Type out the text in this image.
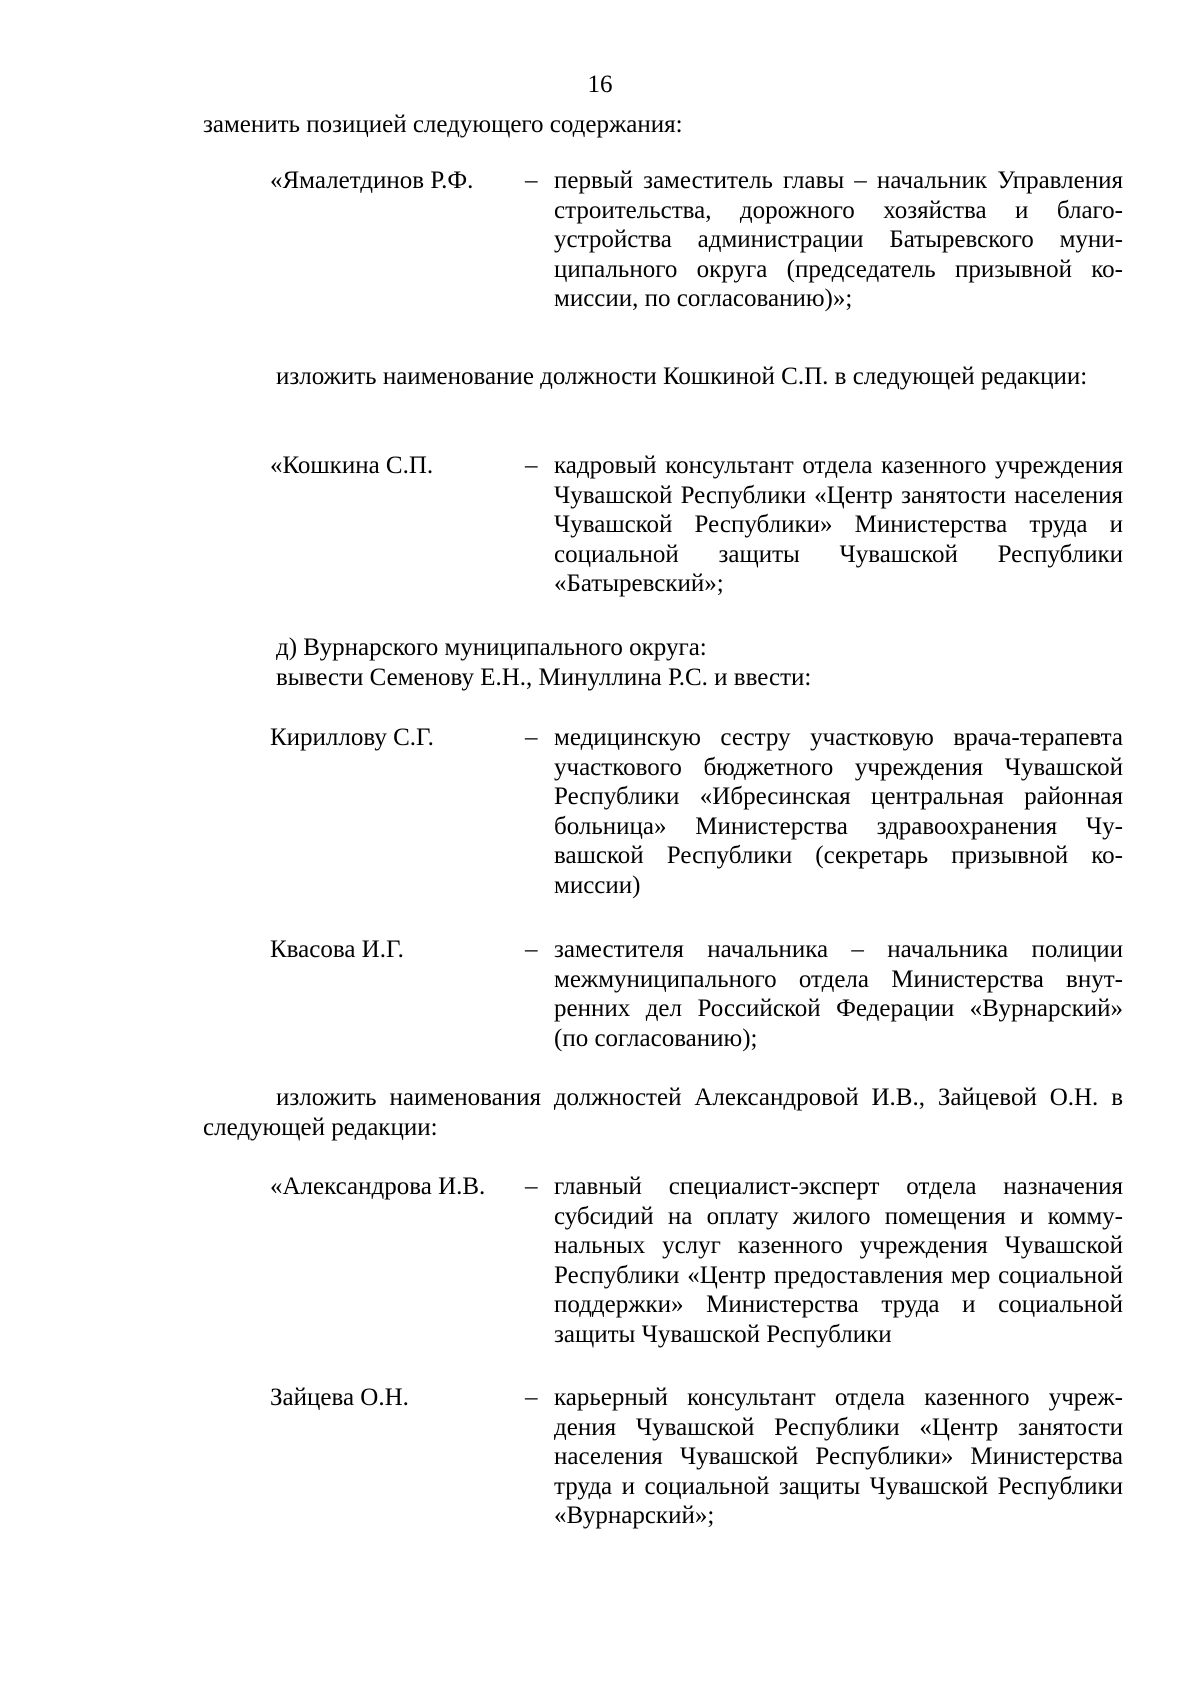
16

заменить позицией следующего содержания:

«Ямалетдинов Р.Ф. – первый заместитель главы – начальник Управления строительства, дорожного хозяйства и благоустройства администрации Батыревского муниципального округа (председатель призывной комиссии, по согласованию)»;

изложить наименование должности Кошкиной С.П. в следующей редакции:

«Кошкина С.П.	– кадровый консультант отдела казенного учреждения Чувашской Республики «Центр занятости населения Чувашской Республики» Министерства труда и социальной защиты Чувашской Республики «Батыревский»;

д) Вурнарского муниципального округа:

вывести Семенову Е.Н., Минуллина Р.С. и ввести:

Кириллову С.Г.	– медицинскую сестру участковую врача-терапевта участкового бюджетного учреждения Чувашской Республики «Ибресинская центральная районная больница» Министерства здравоохранения Чувашской Республики (секретарь призывной комиссии)

Квасова И.Г.	– заместителя начальника – начальника полиции межмуниципального отдела Министерства внутренних дел Российской Федерации «Вурнарский» (по согласованию);

изложить наименования должностей Александровой И.В., Зайцевой О.Н. в следующей редакции:

«Александрова И.В. – главный специалист-эксперт отдела назначения субсидий на оплату жилого помещения и коммунальных услуг казенного учреждения Чувашской Республики «Центр предоставления мер социальной поддержки» Министерства труда и социальной защиты Чувашской Республики

Зайцева О.Н.	– карьерный консультант отдела казенного учреждения Чувашской Республики «Центр занятости населения Чувашской Республики» Министерства труда и социальной защиты Чувашской Республики «Вурнарский»;
